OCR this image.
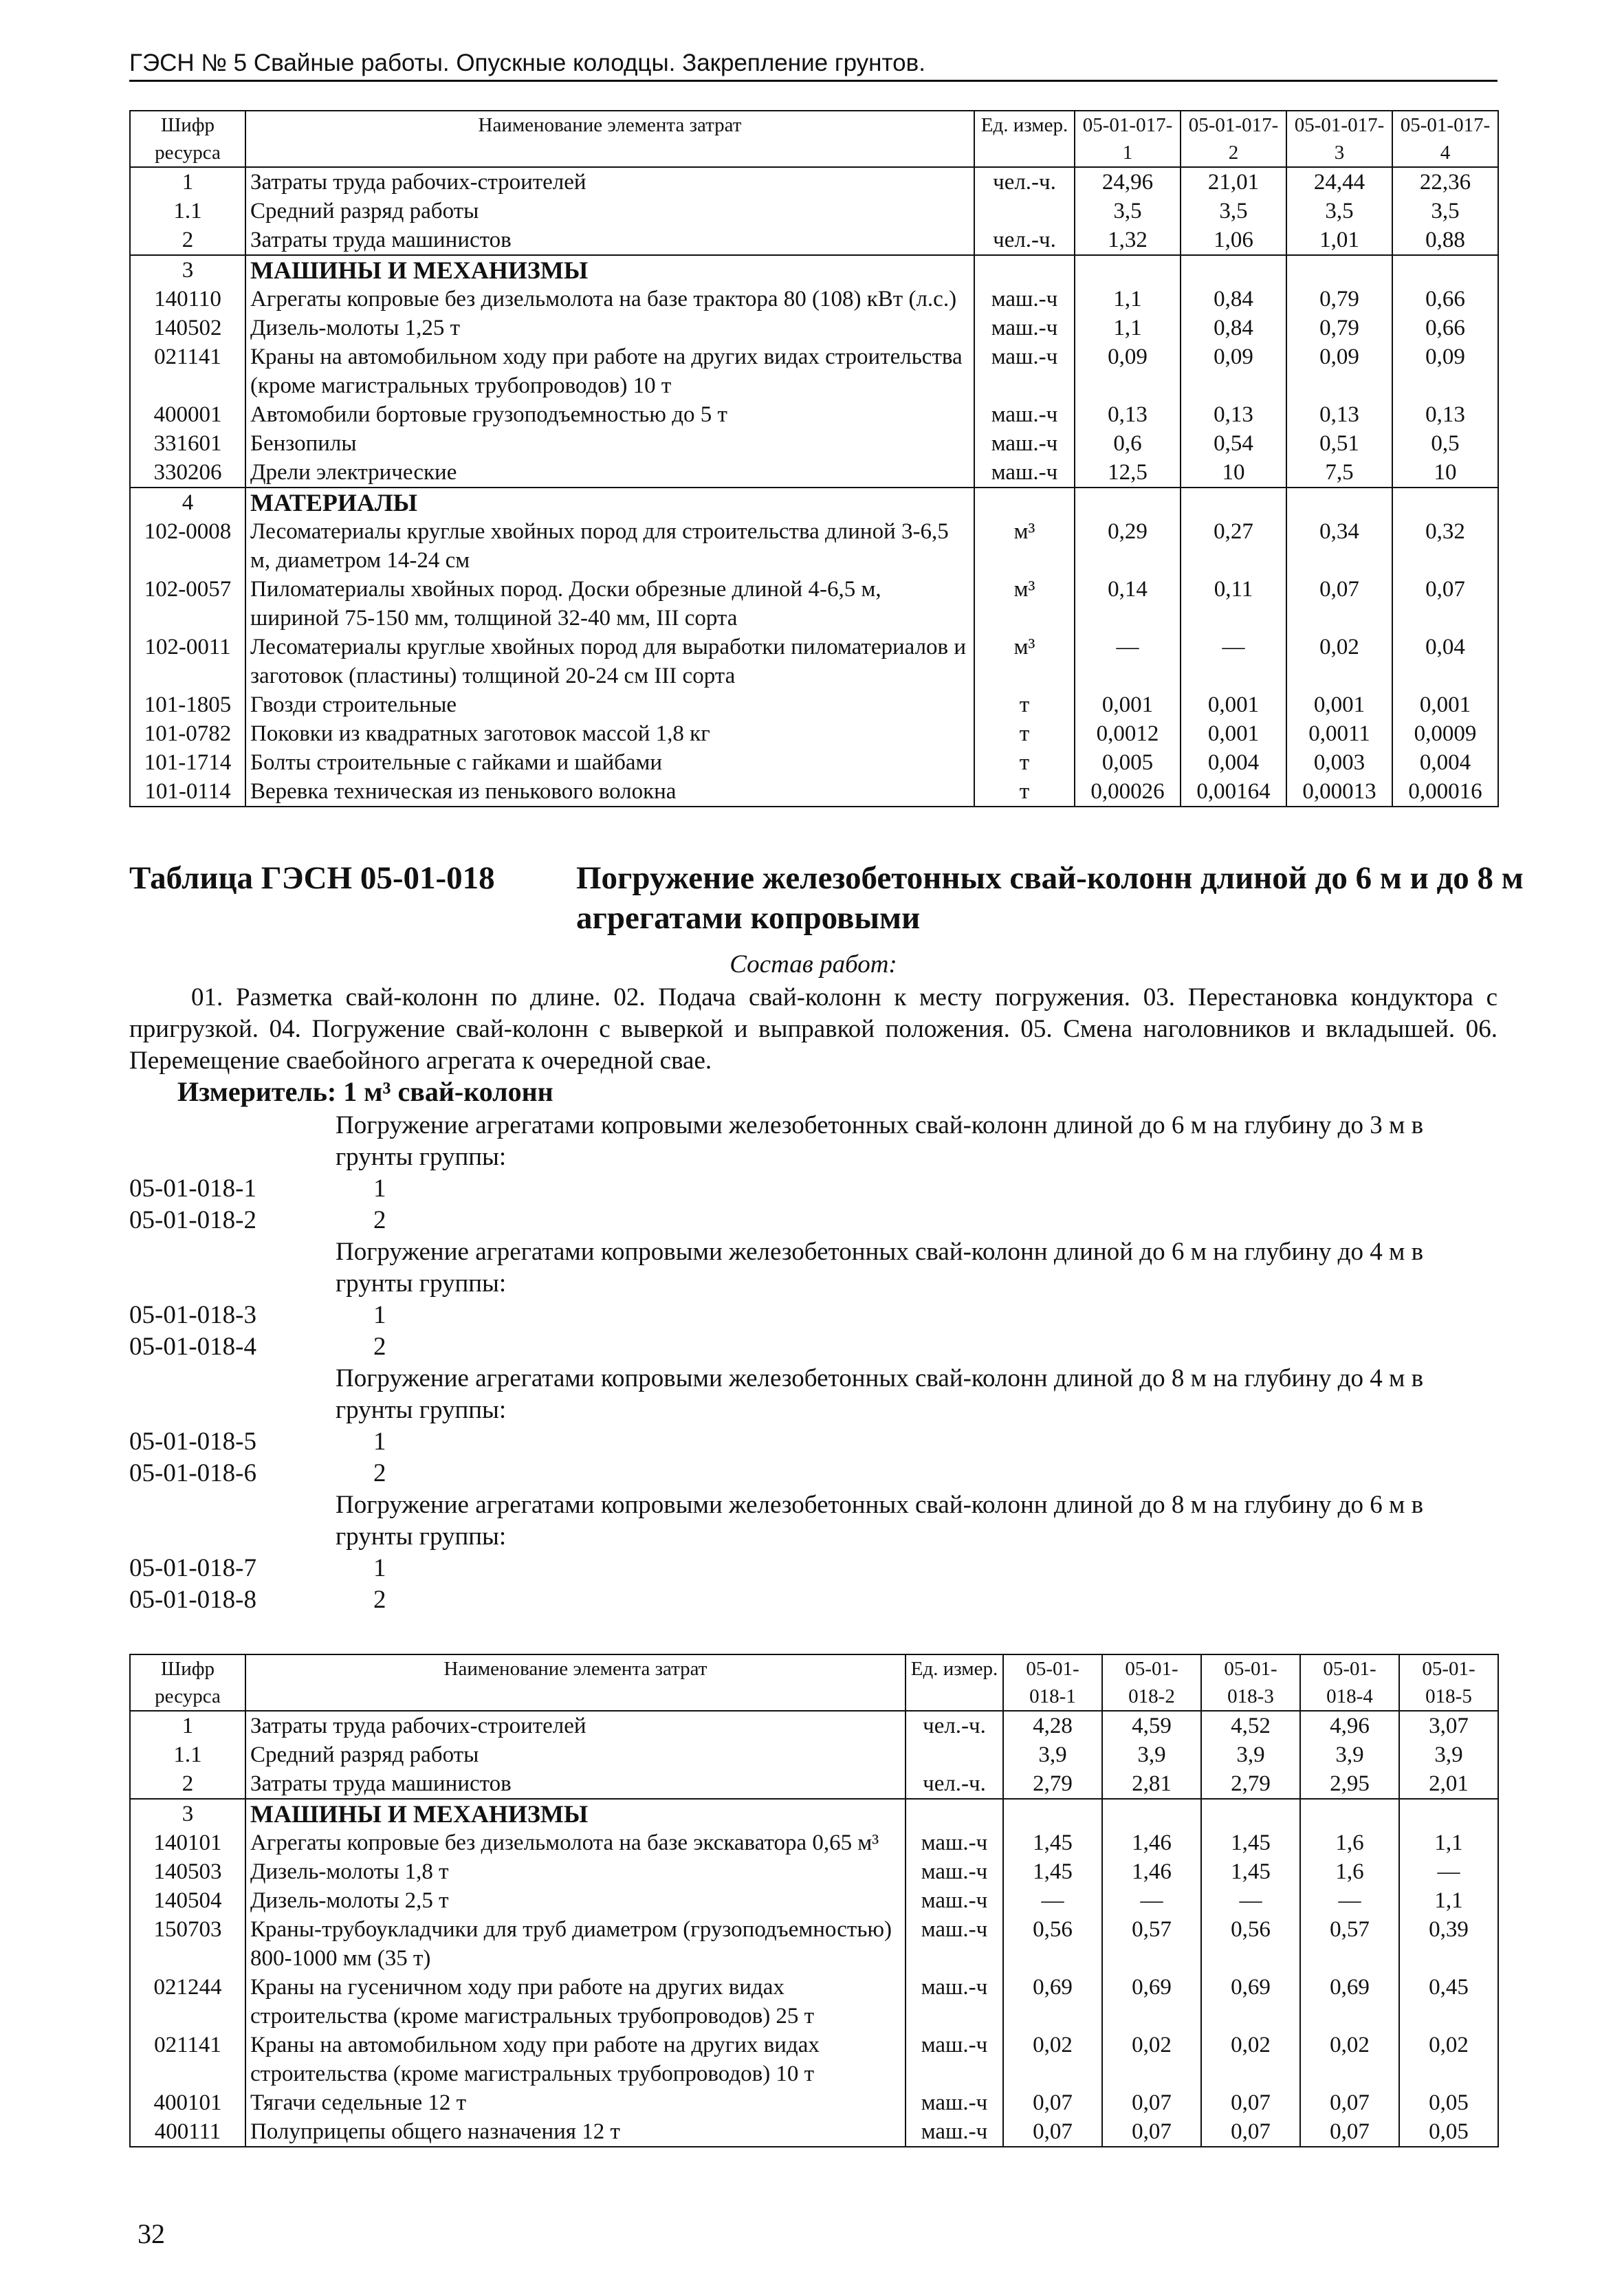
ГЭСН № 5 Свайные работы. Опускные колодцы. Закрепление грунтов.
Шифр ресурса	Наименование элемента затрат	Ед. измер.	05-01-017-1	05-01-017-2	05-01-017-3	05-01-017-4
1	Затраты труда рабочих-строителей	чел.-ч.	24,96	21,01	24,44	22,36
1.1	Средний разряд работы		3,5	3,5	3,5	3,5
2	Затраты труда машинистов	чел.-ч.	1,32	1,06	1,01	0,88
3	МАШИНЫ И МЕХАНИЗМЫ					
140110	Агрегаты копровые без дизельмолота на базе трактора 80 (108) кВт (л.с.)	маш.-ч	1,1	0,84	0,79	0,66
140502	Дизель-молоты 1,25 т	маш.-ч	1,1	0,84	0,79	0,66
021141	Краны на автомобильном ходу при работе на других видах строительства (кроме магистральных трубопроводов) 10 т	маш.-ч	0,09	0,09	0,09	0,09
400001	Автомобили бортовые грузоподъемностью до 5 т	маш.-ч	0,13	0,13	0,13	0,13
331601	Бензопилы	маш.-ч	0,6	0,54	0,51	0,5
330206	Дрели электрические	маш.-ч	12,5	10	7,5	10
4	МАТЕРИАЛЫ					
102-0008	Лесоматериалы круглые хвойных пород для строительства длиной 3-6,5 м, диаметром 14-24 см	м³	0,29	0,27	0,34	0,32
102-0057	Пиломатериалы хвойных пород. Доски обрезные длиной 4-6,5 м, шириной 75-150 мм, толщиной 32-40 мм, III сорта	м³	0,14	0,11	0,07	0,07
102-0011	Лесоматериалы круглые хвойных пород для выработки пиломатериалов и заготовок (пластины) толщиной 20-24 см III сорта	м³	—	—	0,02	0,04
101-1805	Гвозди строительные	т	0,001	0,001	0,001	0,001
101-0782	Поковки из квадратных заготовок массой 1,8 кг	т	0,0012	0,001	0,0011	0,0009
101-1714	Болты строительные с гайками и шайбами	т	0,005	0,004	0,003	0,004
101-0114	Веревка техническая из пенькового волокна	т	0,00026	0,00164	0,00013	0,00016
Таблица ГЭСН 05-01-018	Погружение железобетонных свай-колонн длиной до 6 м и до 8 м агрегатами копровыми
Состав работ:
01. Разметка свай-колонн по длине. 02. Подача свай-колонн к месту погружения. 03. Перестановка кондуктора с пригрузкой. 04. Погружение свай-колонн с выверкой и выправкой положения. 05. Смена наголовников и вкладышей. 06. Перемещение сваебойного агрегата к очередной свае.
Измеритель: 1 м³ свай-колонн
Погружение агрегатами копровыми железобетонных свай-колонн длиной до 6 м на глубину до 3 м в грунты группы:
05-01-018-1	1
05-01-018-2	2
Погружение агрегатами копровыми железобетонных свай-колонн длиной до 6 м на глубину до 4 м в грунты группы:
05-01-018-3	1
05-01-018-4	2
Погружение агрегатами копровыми железобетонных свай-колонн длиной до 8 м на глубину до 4 м в грунты группы:
05-01-018-5	1
05-01-018-6	2
Погружение агрегатами копровыми железобетонных свай-колонн длиной до 8 м на глубину до 6 м в грунты группы:
05-01-018-7	1
05-01-018-8	2
Шифр ресурса	Наименование элемента затрат	Ед. измер.	05-01-018-1	05-01-018-2	05-01-018-3	05-01-018-4	05-01-018-5
1	Затраты труда рабочих-строителей	чел.-ч.	4,28	4,59	4,52	4,96	3,07
1.1	Средний разряд работы		3,9	3,9	3,9	3,9	3,9
2	Затраты труда машинистов	чел.-ч.	2,79	2,81	2,79	2,95	2,01
3	МАШИНЫ И МЕХАНИЗМЫ						
140101	Агрегаты копровые без дизельмолота на базе экскаватора 0,65 м³	маш.-ч	1,45	1,46	1,45	1,6	1,1
140503	Дизель-молоты 1,8 т	маш.-ч	1,45	1,46	1,45	1,6	—
140504	Дизель-молоты 2,5 т	маш.-ч	—	—	—	—	1,1
150703	Краны-трубоукладчики для труб диаметром (грузоподъемностью) 800-1000 мм (35 т)	маш.-ч	0,56	0,57	0,56	0,57	0,39
021244	Краны на гусеничном ходу при работе на других видах строительства (кроме магистральных трубопроводов) 25 т	маш.-ч	0,69	0,69	0,69	0,69	0,45
021141	Краны на автомобильном ходу при работе на других видах строительства (кроме магистральных трубопроводов) 10 т	маш.-ч	0,02	0,02	0,02	0,02	0,02
400101	Тягачи седельные 12 т	маш.-ч	0,07	0,07	0,07	0,07	0,05
400111	Полуприцепы общего назначения 12 т	маш.-ч	0,07	0,07	0,07	0,07	0,05
32
